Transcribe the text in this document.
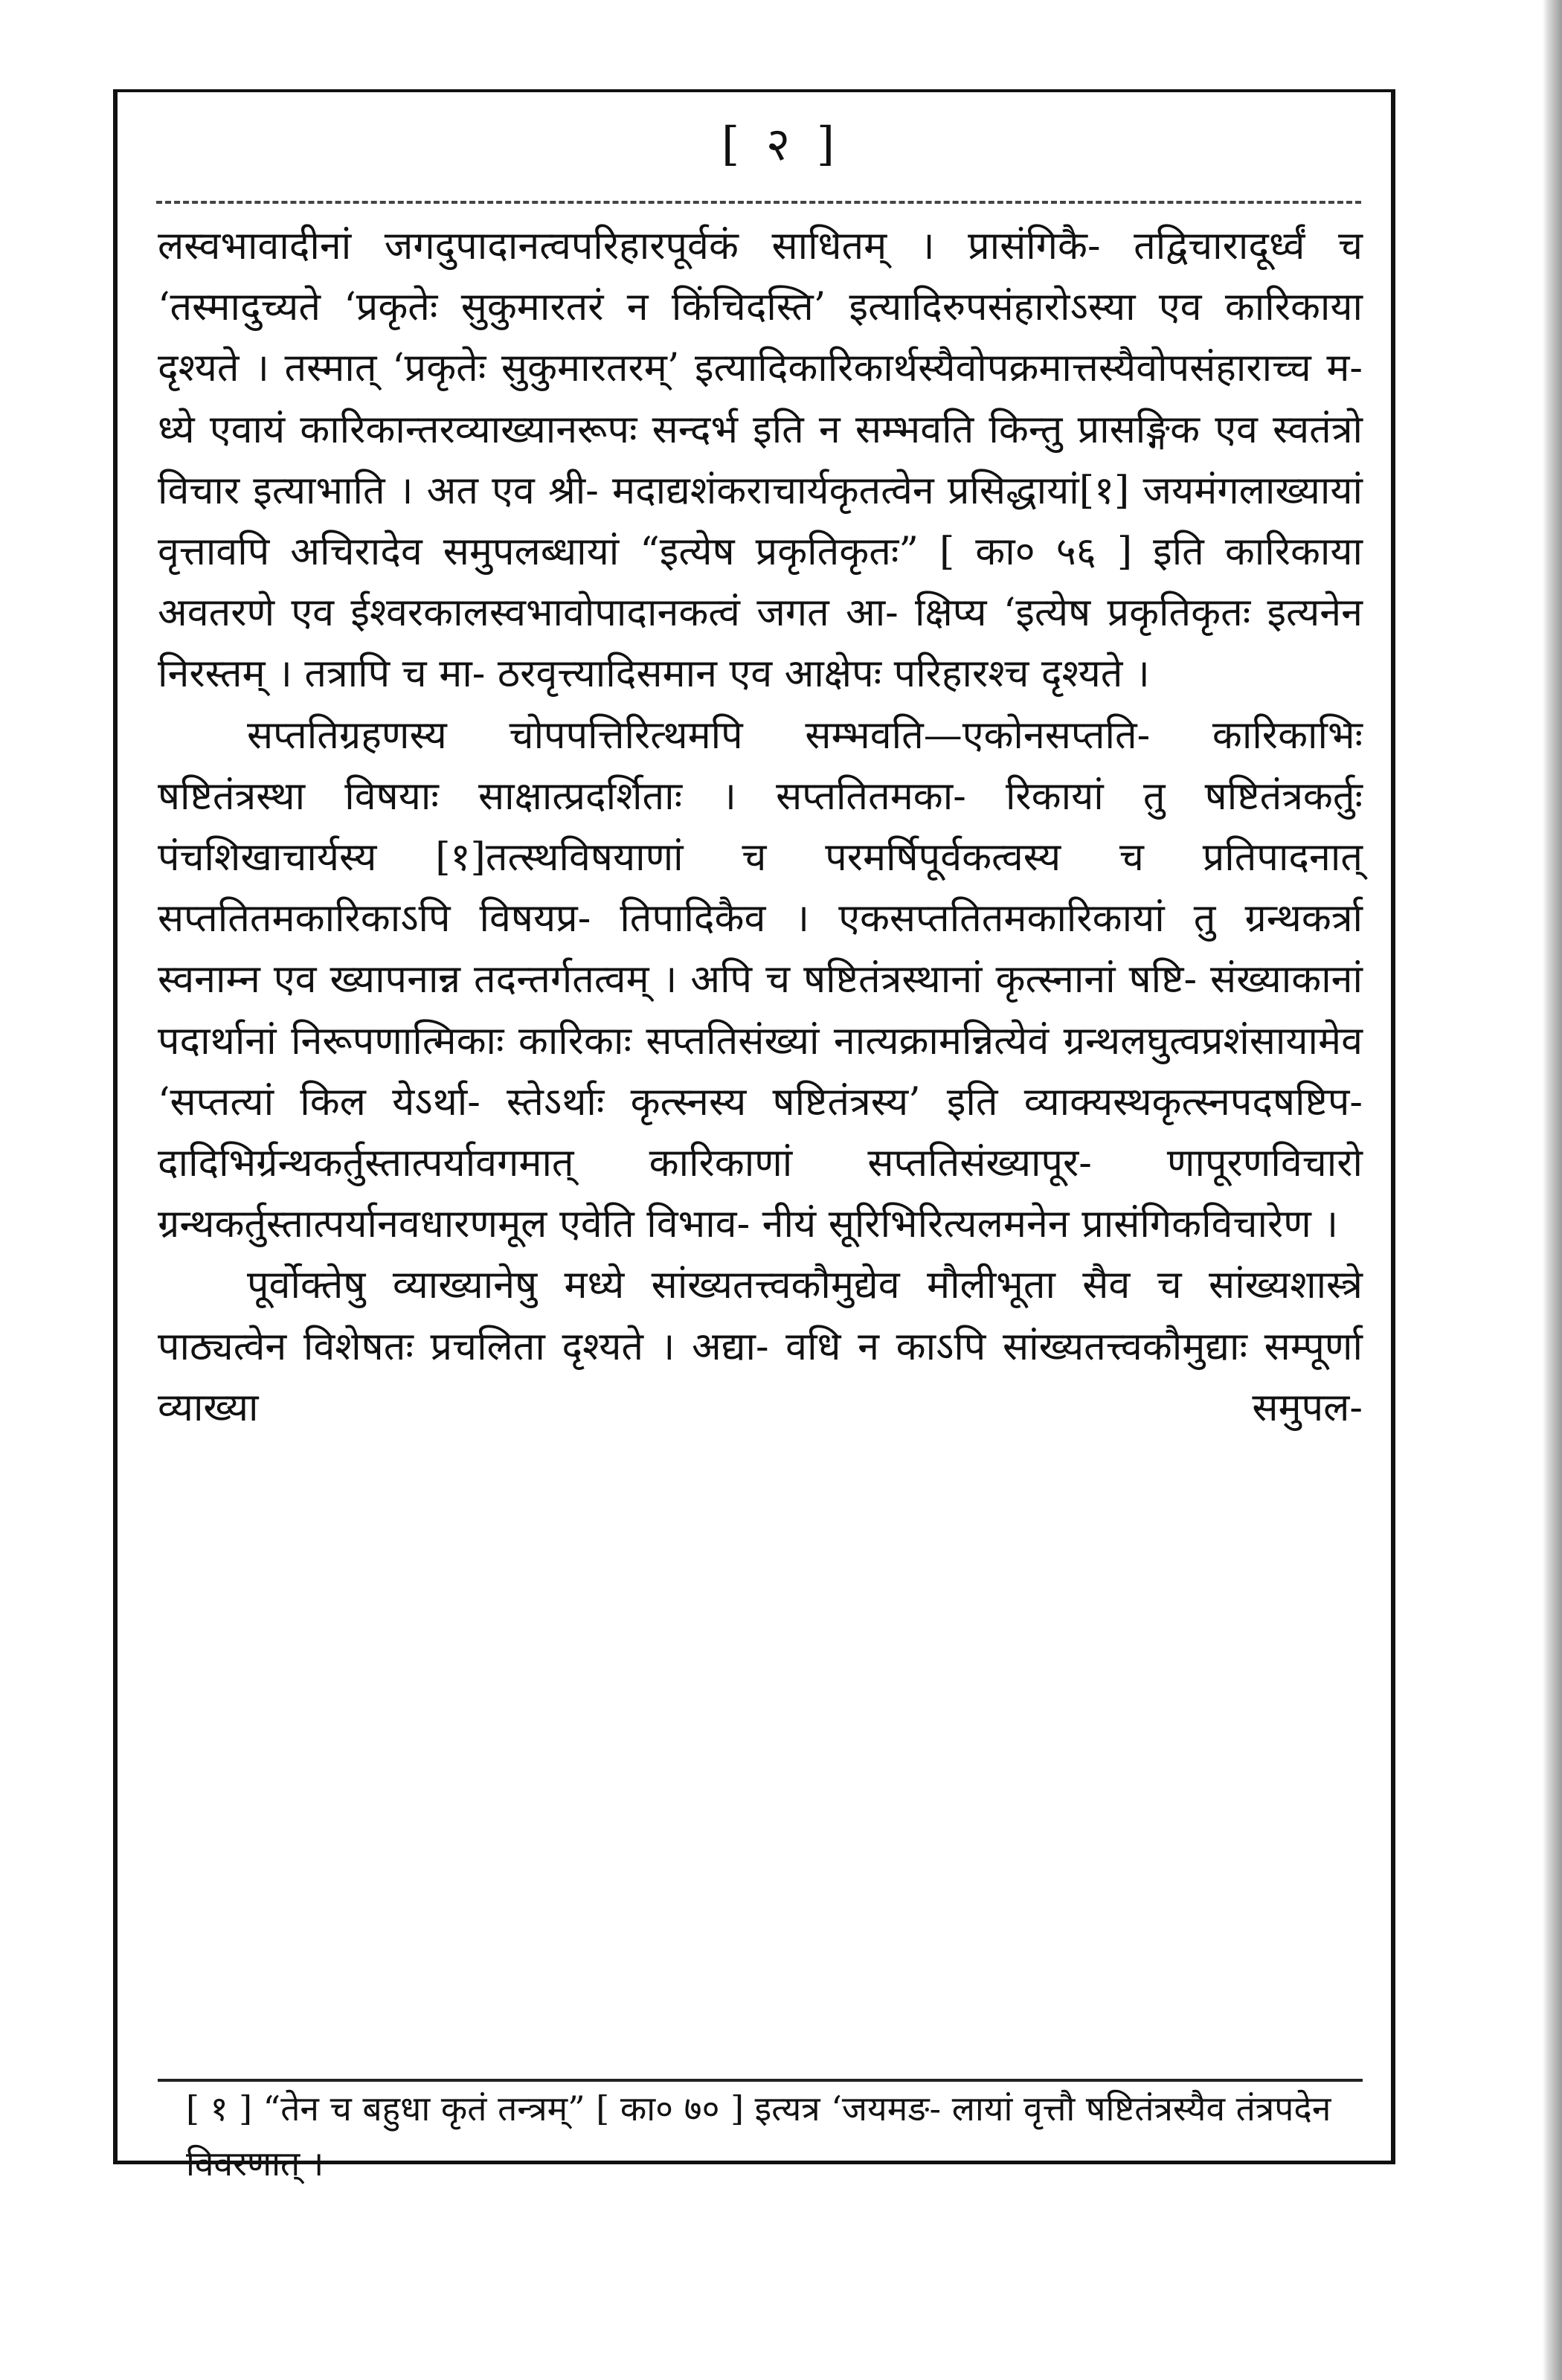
[ २ ]

लस्वभावादीनां जगदुपादानत्वपरिहारपूर्वकं साधितम् । प्रासंगिकै- तद्विचारादूर्ध्वं च ‘तस्मादुच्यते ‘प्रकृतेः सुकुमारतरं न किंचिदस्ति’ इत्यादिरुपसंहारोऽस्या एव कारिकाया दृश्यते । तस्मात् ‘प्रकृतेः सुकुमारतरम्’ इत्यादिकारिकार्थस्यैवोपक्रमात्तस्यैवोपसंहाराच्च म- ध्ये एवायं कारिकान्तरव्याख्यानरूपः सन्दर्भ इति न सम्भवति किन्तु प्रासङ्गिक एव स्वतंत्रो विचार इत्याभाति । अत एव श्री- मदाद्यशंकराचार्यकृतत्वेन प्रसिद्धायां[१] जयमंगलाख्यायां वृत्तावपि अचिरादेव समुपलब्धायां “इत्येष प्रकृतिकृतः” [ का० ५६ ] इति कारिकाया अवतरणे एव ईश्वरकालस्वभावोपादानकत्वं जगत आ- क्षिप्य ‘इत्येष प्रकृतिकृतः इत्यनेन निरस्तम् । तत्रापि च मा- ठरवृत्त्यादिसमान एव आक्षेपः परिहारश्च दृश्यते ।

सप्ततिग्रहणस्य चोपपत्तिरित्थमपि सम्भवति—एकोनसप्तति- कारिकाभिः षष्टितंत्रस्था विषयाः साक्षात्प्रदर्शिताः । सप्ततितमका- रिकायां तु षष्टितंत्रकर्तुः पंचशिखाचार्यस्य [१]तत्स्थविषयाणां च परमर्षिपूर्वकत्वस्य च प्रतिपादनात् सप्ततितमकारिकाऽपि विषयप्र- तिपादिकैव । एकसप्ततितमकारिकायां तु ग्रन्थकर्त्रा स्वनाम्न एव ख्यापनान्न तदन्तर्गतत्वम् । अपि च षष्टितंत्रस्थानां कृत्स्नानां षष्टि- संख्याकानां पदार्थानां निरूपणात्मिकाः कारिकाः सप्ततिसंख्यां नात्यक्रामन्नित्येवं ग्रन्थलघुत्वप्रशंसायामेव ‘सप्तत्यां किल येऽर्था- स्तेऽर्थाः कृत्स्नस्य षष्टितंत्रस्य’ इति व्याक्यस्थकृत्स्नपदषष्टिप- दादिभिर्ग्रन्थकर्तुस्तात्पर्यावगमात् कारिकाणां सप्ततिसंख्यापूर- णापूरणविचारो ग्रन्थकर्तुस्तात्पर्यानवधारणमूल एवेति विभाव- नीयं सूरिभिरित्यलमनेन प्रासंगिकविचारेण ।

पूर्वोक्तेषु व्याख्यानेषु मध्ये सांख्यतत्त्वकौमुद्येव मौलीभूता सैव च सांख्यशास्त्रे पाठ्यत्वेन विशेषतः प्रचलिता दृश्यते । अद्या- वधि न काऽपि सांख्यतत्त्वकौमुद्याः सम्पूर्णा व्याख्या समुपल-

[ १ ] “तेन च बहुधा कृतं तन्त्रम्” [ का० ७० ] इत्यत्र ‘जयमङ- लायां वृत्तौ षष्टितंत्रस्यैव तंत्रपदेन विवरणात् ।
